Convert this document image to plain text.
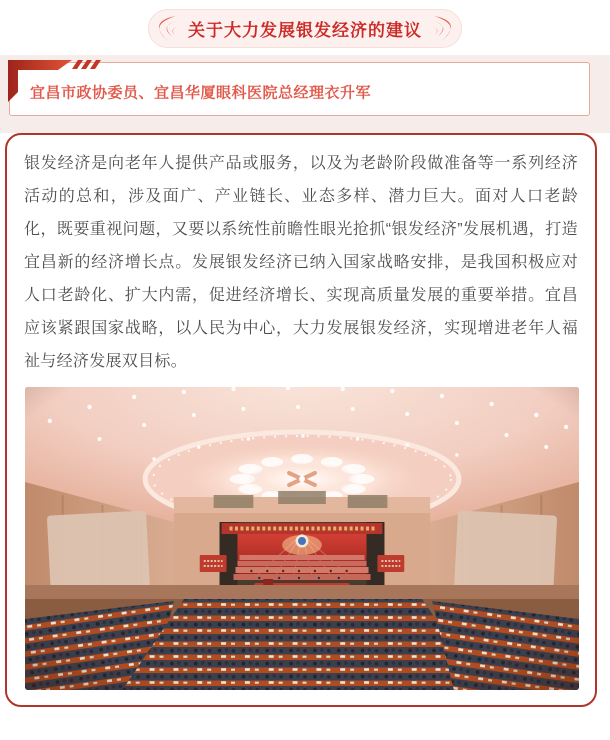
关于大力发展银发经济的建议
宜昌市政协委员、宜昌华厦眼科医院总经理衣升军

银发经济是向老年人提供产品或服务，以及为老龄阶段做准备等一系列经济活动的总和，涉及面广、产业链长、业态多样、潜力巨大。面对人口老龄化，既要重视问题，又要以系统性前瞻性眼光抢抓“银发经济”发展机遇，打造宜昌新的经济增长点。发展银发经济已纳入国家战略安排，是我国积极应对人口老龄化、扩大内需，促进经济增长、实现高质量发展的重要举措。宜昌应该紧跟国家战略，以人民为中心，大力发展银发经济，实现增进老年人福祉与经济发展双目标。
